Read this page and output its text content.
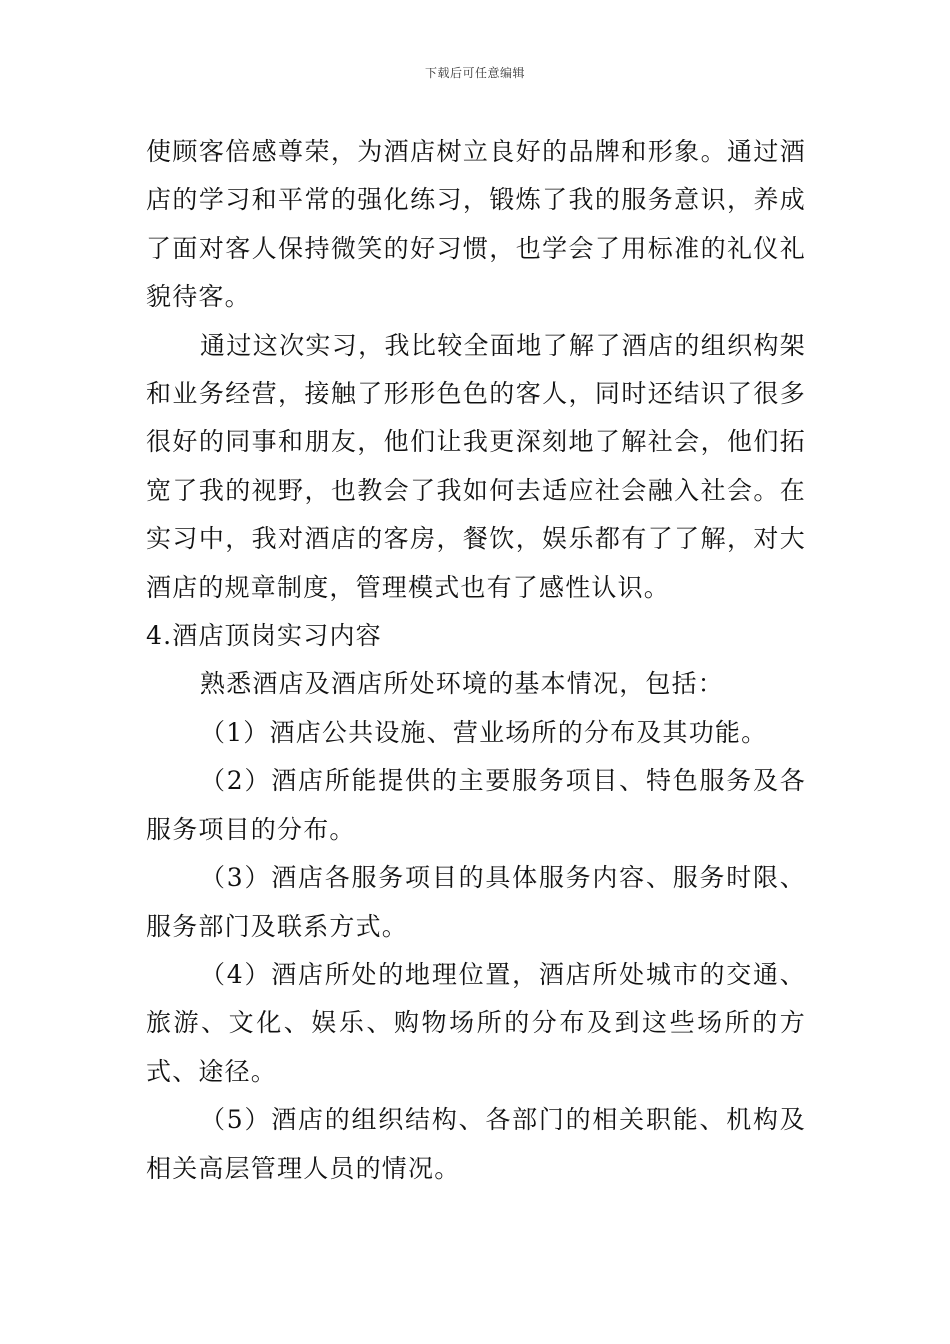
下载后可任意编辑

使顾客倍感尊荣，为酒店树立良好的品牌和形象。通过酒店的学习和平常的强化练习，锻炼了我的服务意识，养成了面对客人保持微笑的好习惯，也学会了用标准的礼仪礼貌待客。

通过这次实习，我比较全面地了解了酒店的组织构架和业务经营，接触了形形色色的客人，同时还结识了很多很好的同事和朋友，他们让我更深刻地了解社会，他们拓宽了我的视野，也教会了我如何去适应社会融入社会。在实习中，我对酒店的客房，餐饮，娱乐都有了了解，对大酒店的规章制度，管理模式也有了感性认识。

4.酒店顶岗实习内容

熟悉酒店及酒店所处环境的基本情况，包括：

（1）酒店公共设施、营业场所的分布及其功能。

（2）酒店所能提供的主要服务项目、特色服务及各服务项目的分布。

（3）酒店各服务项目的具体服务内容、服务时限、服务部门及联系方式。

（4）酒店所处的地理位置，酒店所处城市的交通、旅游、文化、娱乐、购物场所的分布及到这些场所的方式、途径。

（5）酒店的组织结构、各部门的相关职能、机构及相关高层管理人员的情况。
